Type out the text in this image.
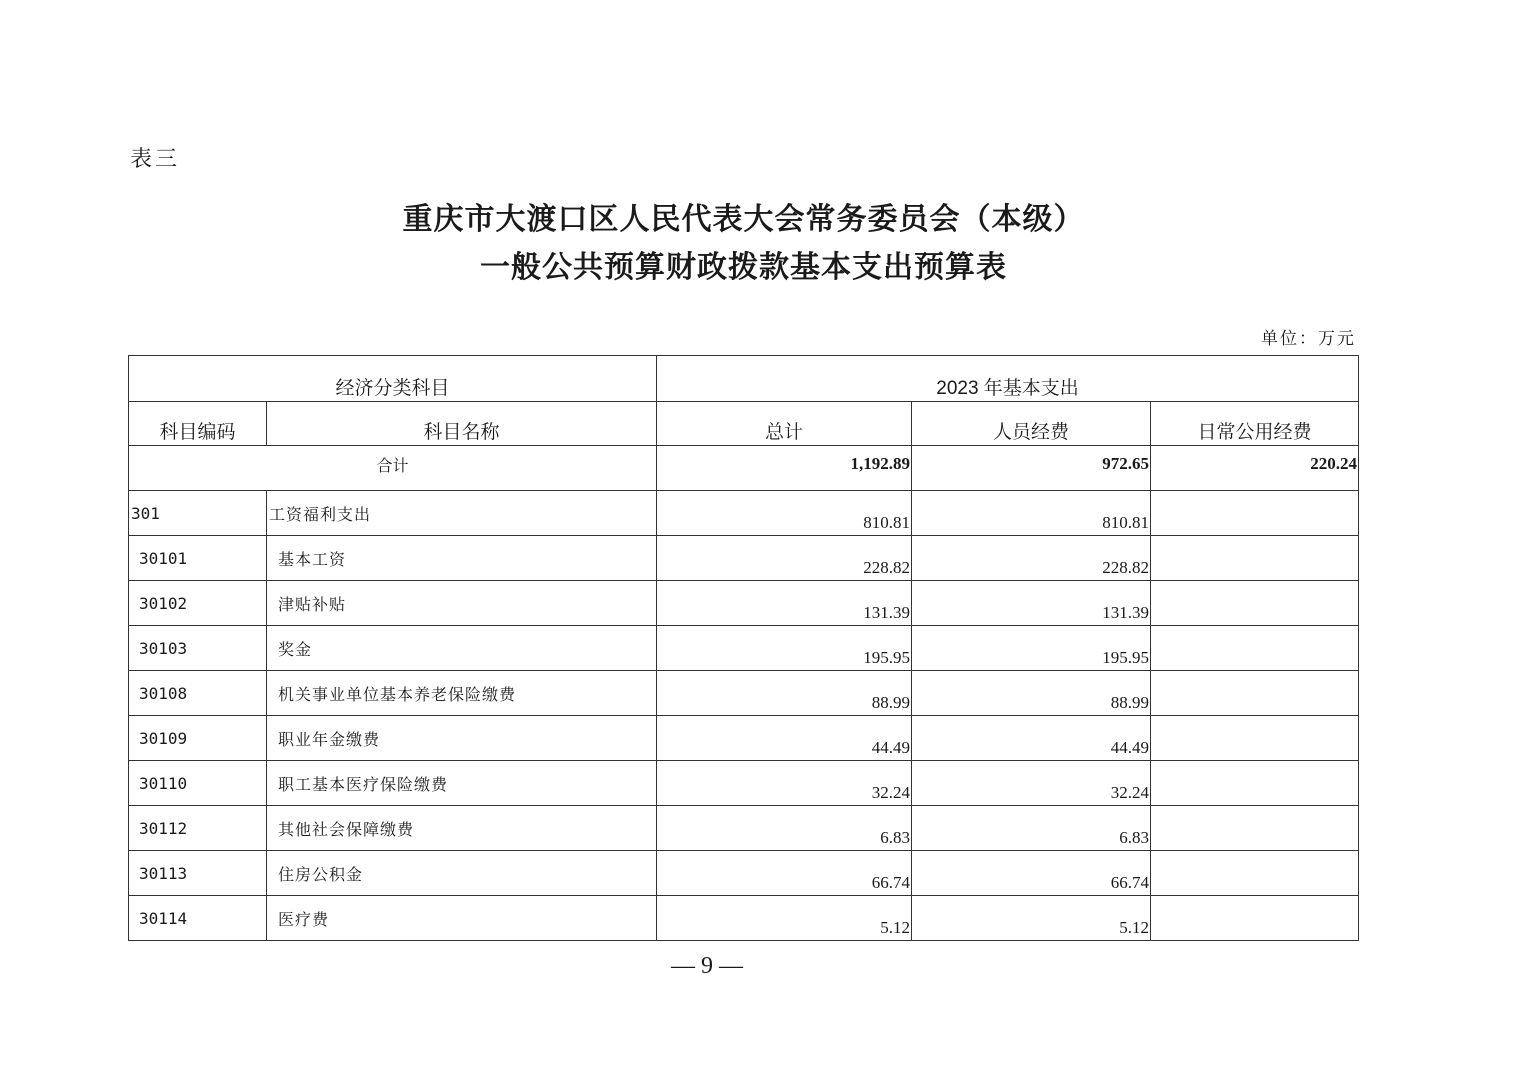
表三
重庆市大渡口区人民代表大会常务委员会（本级）
一般公共预算财政拨款基本支出预算表
单位：万元
经济分类科目		2023 年基本支出		
科目编码	科目名称	总计	人员经费	日常公用经费
合计		1,192.89	972.65	220.24
301	工资福利支出	810.81	810.81	
30101	基本工资	228.82	228.82	
30102	津贴补贴	131.39	131.39	
30103	奖金	195.95	195.95	
30108	机关事业单位基本养老保险缴费	88.99	88.99	
30109	职业年金缴费	44.49	44.49	
30110	职工基本医疗保险缴费	32.24	32.24	
30112	其他社会保障缴费	6.83	6.83	
30113	住房公积金	66.74	66.74	
30114	医疗费	5.12	5.12	
— 9 —
